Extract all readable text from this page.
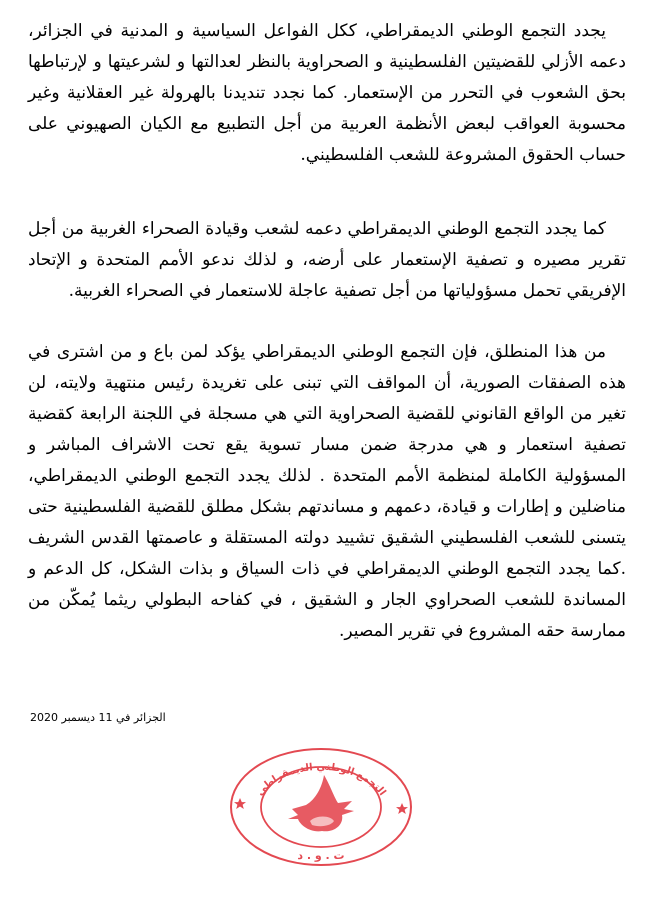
يجدد التجمع الوطني الديمقراطي، ككل الفواعل السياسية و المدنية في الجزائر، دعمه الأزلي للقضيتين الفلسطينية و الصحراوية بالنظر لعدالتها و لشرعيتها و لإرتباطها بحق الشعوب في التحرر من الإستعمار. كما نجدد تنديدنا بالهرولة غير العقلانية وغير محسوبة العواقب لبعض الأنظمة العربية من أجل التطبيع مع الكيان الصهيوني على حساب الحقوق المشروعة للشعب الفلسطيني.

كما يجدد التجمع الوطني الديمقراطي دعمه لشعب وقيادة الصحراء الغربية من أجل تقرير مصيره و تصفية الإستعمار على أرضه، و لذلك ندعو الأمم المتحدة و الإتحاد الإفريقي تحمل مسؤولياتها من أجل تصفية عاجلة للاستعمار في الصحراء الغربية.

من هذا المنطلق، فإن التجمع الوطني الديمقراطي يؤكد لمن باع و من اشترى في هذه الصفقات الصورية، أن المواقف التي تبنى على تغريدة رئيس منتهية ولايته، لن تغير من الواقع القانوني للقضية الصحراوية التي هي مسجلة في اللجنة الرابعة كقضية تصفية استعمار و هي مدرجة ضمن مسار تسوية يقع تحت الاشراف المباشر و المسؤولية الكاملة لمنظمة الأمم المتحدة . لذلك يجدد التجمع الوطني الديمقراطي، مناضلين و إطارات و قيادة، دعمهم و مساندتهم بشكل مطلق للقضية الفلسطينية حتى يتسنى للشعب الفلسطيني الشقيق تشييد دولته المستقلة و عاصمتها القدس الشريف .كما يجدد التجمع الوطني الديمقراطي في ذات السياق و بذات الشكل، كل الدعم و المساندة للشعب الصحراوي الجار و الشقيق ، في كفاحه البطولي ريثما يُمكّن من ممارسة حقه المشروع في تقرير المصير.

الجزائر في 11 ديسمبر 2020
التجمع الوطني الديمقراطي
ت . و . د
